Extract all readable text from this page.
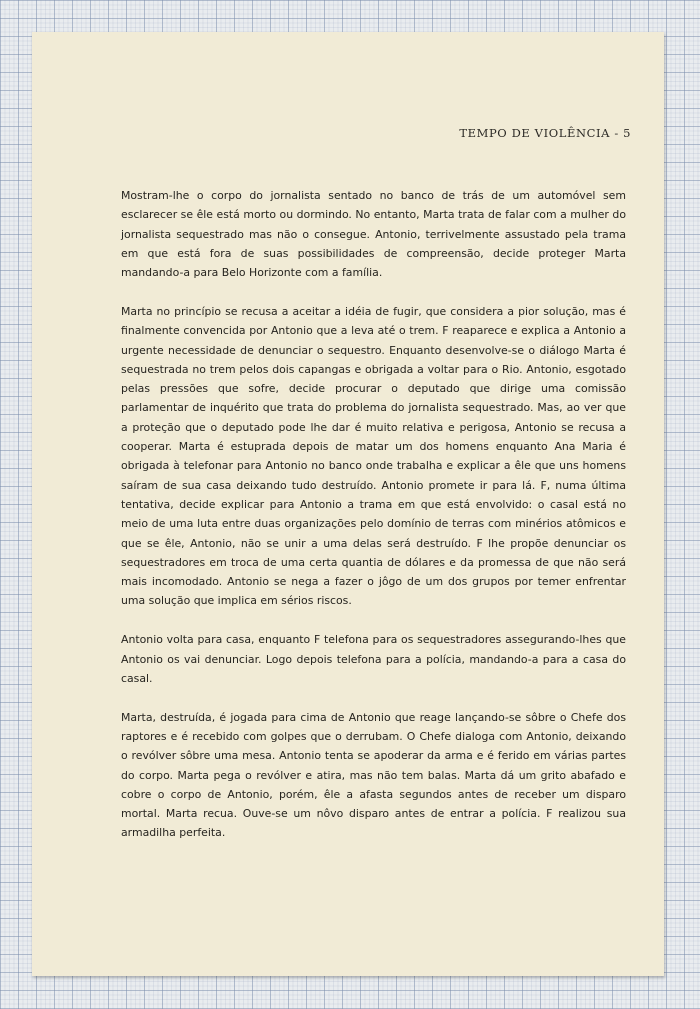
TEMPO DE VIOLÊNCIA - 5

Mostram-lhe o corpo do jornalista sentado no banco de trás de um automóvel sem esclarecer se êle está morto ou dormindo. No entanto, Marta trata de falar com a mulher do jornalista sequestrado mas não o consegue. Antonio, terrivelmente assustado pela trama em que está fora de suas possibilidades de compreensão, decide proteger Marta mandando-a para Belo Horizonte com a família.

Marta no princípio se recusa a aceitar a idéia de fugir, que considera a pior solução, mas é finalmente convencida por Antonio que a leva até o trem. F reaparece e explica a Antonio a urgente necessidade de denunciar o sequestro. Enquanto desenvolve-se o diálogo Marta é sequestrada no trem pelos dois capangas e obrigada a voltar para o Rio. Antonio, esgotado pelas pressões que sofre, decide procurar o deputado que dirige uma comissão parlamentar de inquérito que trata do problema do jornalista sequestrado. Mas, ao ver que a proteção que o deputado pode lhe dar é muito relativa e perigosa, Antonio se recusa a cooperar. Marta é estuprada depois de matar um dos homens enquanto Ana Maria é obrigada à telefonar para Antonio no banco onde trabalha e explicar a êle que uns homens saíram de sua casa deixando tudo destruído. Antonio promete ir para lá. F, numa última tentativa, decide explicar para Antonio a trama em que está envolvido: o casal está no meio de uma luta entre duas organizações pelo domínio de terras com minérios atômicos e que se êle, Antonio, não se unir a uma delas será destruído. F lhe propõe denunciar os sequestradores em troca de uma certa quantia de dólares e da promessa de que não será mais incomodado. Antonio se nega a fazer o jôgo de um dos grupos por temer enfrentar uma solução que implica em sérios riscos.

Antonio volta para casa, enquanto F telefona para os sequestradores assegurando-lhes que Antonio os vai denunciar. Logo depois telefona para a polícia, mandando-a para a casa do casal.

Marta, destruída, é jogada para cima de Antonio que reage lançando-se sôbre o Chefe dos raptores e é recebido com golpes que o derrubam. O Chefe dialoga com Antonio, deixando o revólver sôbre uma mesa. Antonio tenta se apoderar da arma e é ferido em várias partes do corpo. Marta pega o revólver e atira, mas não tem balas. Marta dá um grito abafado e cobre o corpo de Antonio, porém, êle a afasta segundos antes de receber um disparo mortal. Marta recua. Ouve-se um nôvo disparo antes de entrar a polícia. F realizou sua armadilha perfeita.
